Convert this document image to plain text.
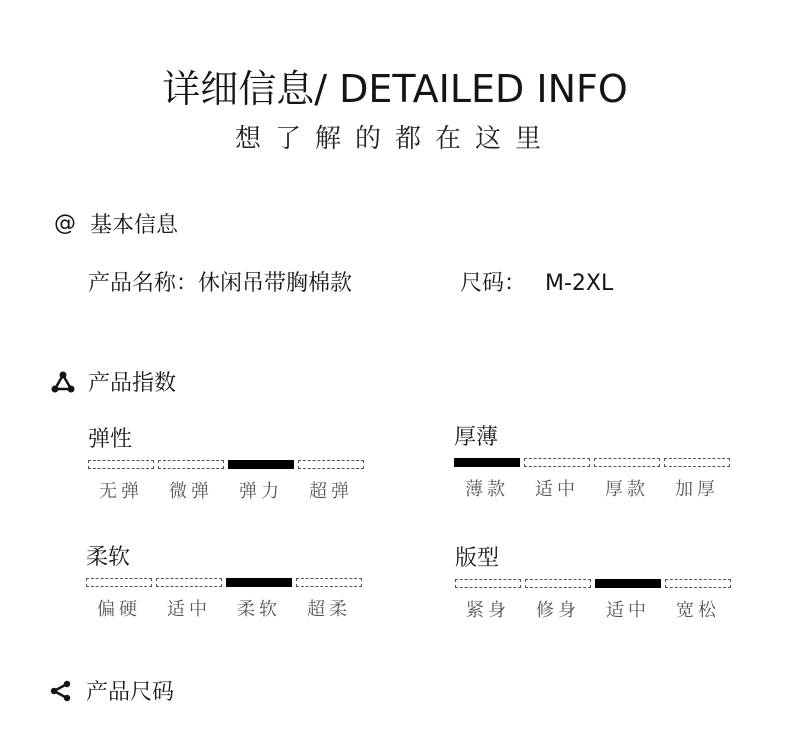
详细信息/ DETAILED INFO
想了解的都在这里
@ 基本信息
产品名称：休闲吊带胸棉款	尺码： M-2XL
产品指数
弹性
无弹	微弹	弹力	超弹
厚薄
薄款	适中	厚款	加厚
柔软
偏硬	适中	柔软	超柔
版型
紧身	修身	适中	宽松
产品尺码
